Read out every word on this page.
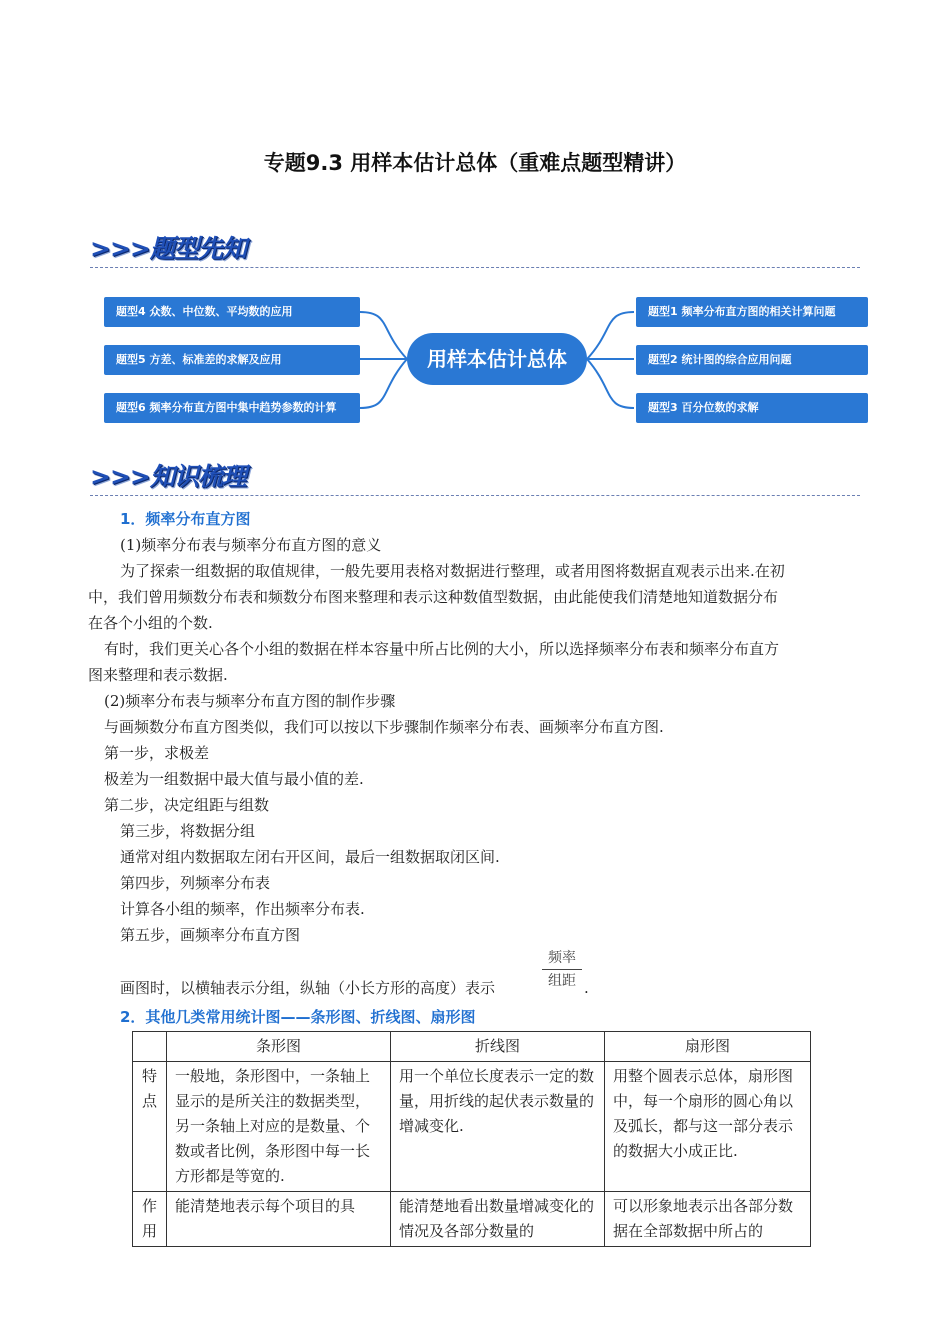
专题9.3 用样本估计总体（重难点题型精讲）
>>>题型先知
题型4 众数、中位数、平均数的应用
题型5 方差、标准差的求解及应用
题型6 频率分布直方图中集中趋势参数的计算
用样本估计总体
题型1 频率分布直方图的相关计算问题
题型2 统计图的综合应用问题
题型3 百分位数的求解
>>>知识梳理
1．频率分布直方图
(1)频率分布表与频率分布直方图的意义
为了探索一组数据的取值规律，一般先要用表格对数据进行整理，或者用图将数据直观表示出来.在初
中，我们曾用频数分布表和频数分布图来整理和表示这种数值型数据，由此能使我们清楚地知道数据分布
在各个小组的个数.
有时，我们更关心各个小组的数据在样本容量中所占比例的大小，所以选择频率分布表和频率分布直方
图来整理和表示数据.
(2)频率分布表与频率分布直方图的制作步骤
与画频数分布直方图类似，我们可以按以下步骤制作频率分布表、画频率分布直方图.
第一步，求极差
极差为一组数据中最大值与最小值的差.
第二步，决定组距与组数
第三步，将数据分组
通常对组内数据取左闭右开区间，最后一组数据取闭区间.
第四步，列频率分布表
计算各小组的频率，作出频率分布表.
第五步，画频率分布直方图
画图时，以横轴表示分组，纵轴（小长方形的高度）表示
频率
组距 .
2．其他几类常用统计图——条形图、折线图、扇形图
	条形图	折线图	扇形图
特点	一般地，条形图中，一条轴上显示的是所关注的数据类型，另一条轴上对应的是数量、个数或者比例，条形图中每一长方形都是等宽的.	用一个单位长度表示一定的数量，用折线的起伏表示数量的增减变化.	用整个圆表示总体，扇形图中，每一个扇形的圆心角以及弧长，都与这一部分表示的数据大小成正比.
作用	能清楚地表示每个项目的具	能清楚地看出数量增减变化的情况及各部分数量的	可以形象地表示出各部分数据在全部数据中所占的
